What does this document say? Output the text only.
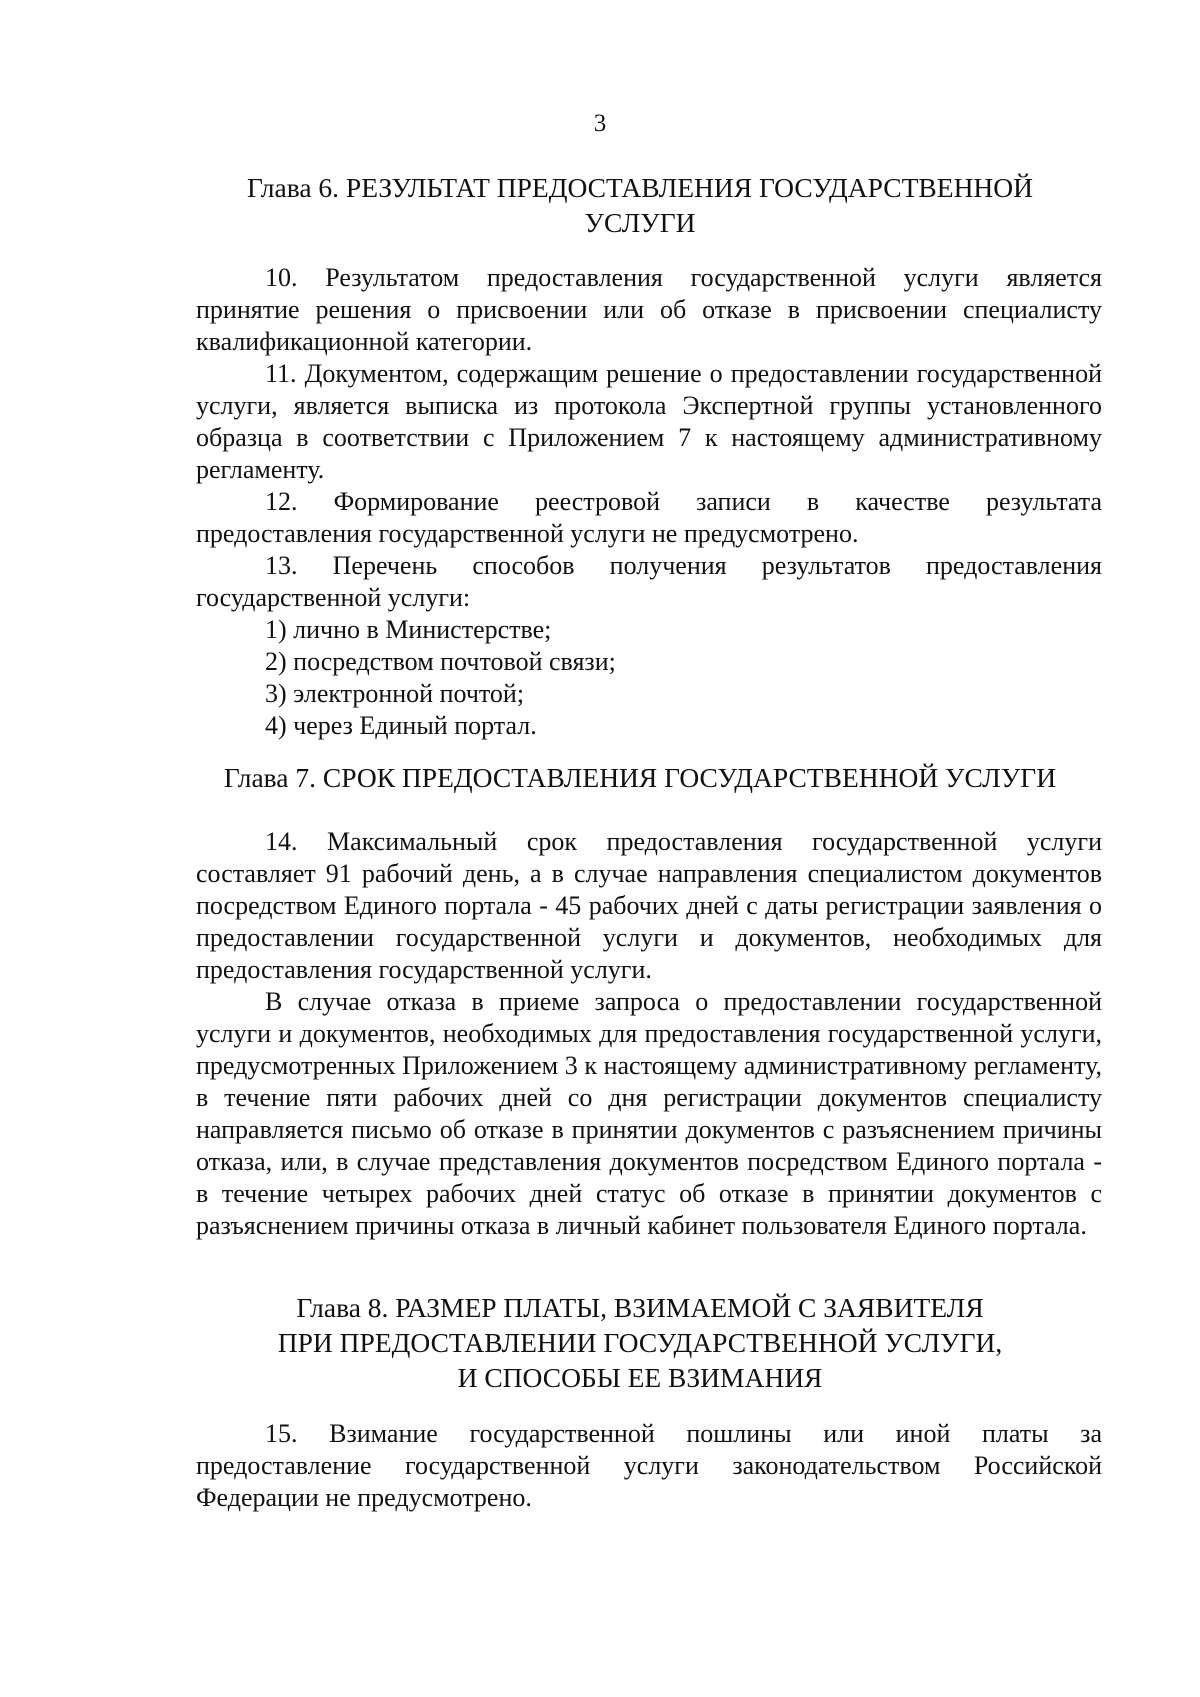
3
Глава 6. РЕЗУЛЬТАТ ПРЕДОСТАВЛЕНИЯ ГОСУДАРСТВЕННОЙ
УСЛУГИ

10. Результатом предоставления государственной услуги является принятие решения о присвоении или об отказе в присвоении специалисту квалификационной категории.

11. Документом, содержащим решение о предоставлении государственной услуги, является выписка из протокола Экспертной группы установленного образца в соответствии с Приложением 7 к настоящему административному регламенту.

12. Формирование реестровой записи в качестве результата предоставления государственной услуги не предусмотрено.

13. Перечень способов получения результатов предоставления государственной услуги:

1) лично в Министерстве;
2) посредством почтовой связи;
3) электронной почтой;
4) через Единый портал.
Глава 7. СРОК ПРЕДОСТАВЛЕНИЯ ГОСУДАРСТВЕННОЙ УСЛУГИ

14. Максимальный срок предоставления государственной услуги составляет 91 рабочий день, а в случае направления специалистом документов посредством Единого портала - 45 рабочих дней с даты регистрации заявления о предоставлении государственной услуги и документов, необходимых для предоставления государственной услуги.

В случае отказа в приеме запроса о предоставлении государственной услуги и документов, необходимых для предоставления государственной услуги, предусмотренных Приложением 3 к настоящему административному регламенту, в течение пяти рабочих дней со дня регистрации документов специалисту направляется письмо об отказе в принятии документов с разъяснением причины отказа, или, в случае представления документов посредством Единого портала - в течение четырех рабочих дней статус об отказе в принятии документов с разъяснением причины отказа в личный кабинет пользователя Единого портала.

Глава 8. РАЗМЕР ПЛАТЫ, ВЗИМАЕМОЙ С ЗАЯВИТЕЛЯ
ПРИ ПРЕДОСТАВЛЕНИИ ГОСУДАРСТВЕННОЙ УСЛУГИ,
И СПОСОБЫ ЕЕ ВЗИМАНИЯ

15. Взимание государственной пошлины или иной платы за предоставление государственной услуги законодательством Российской Федерации не предусмотрено.
